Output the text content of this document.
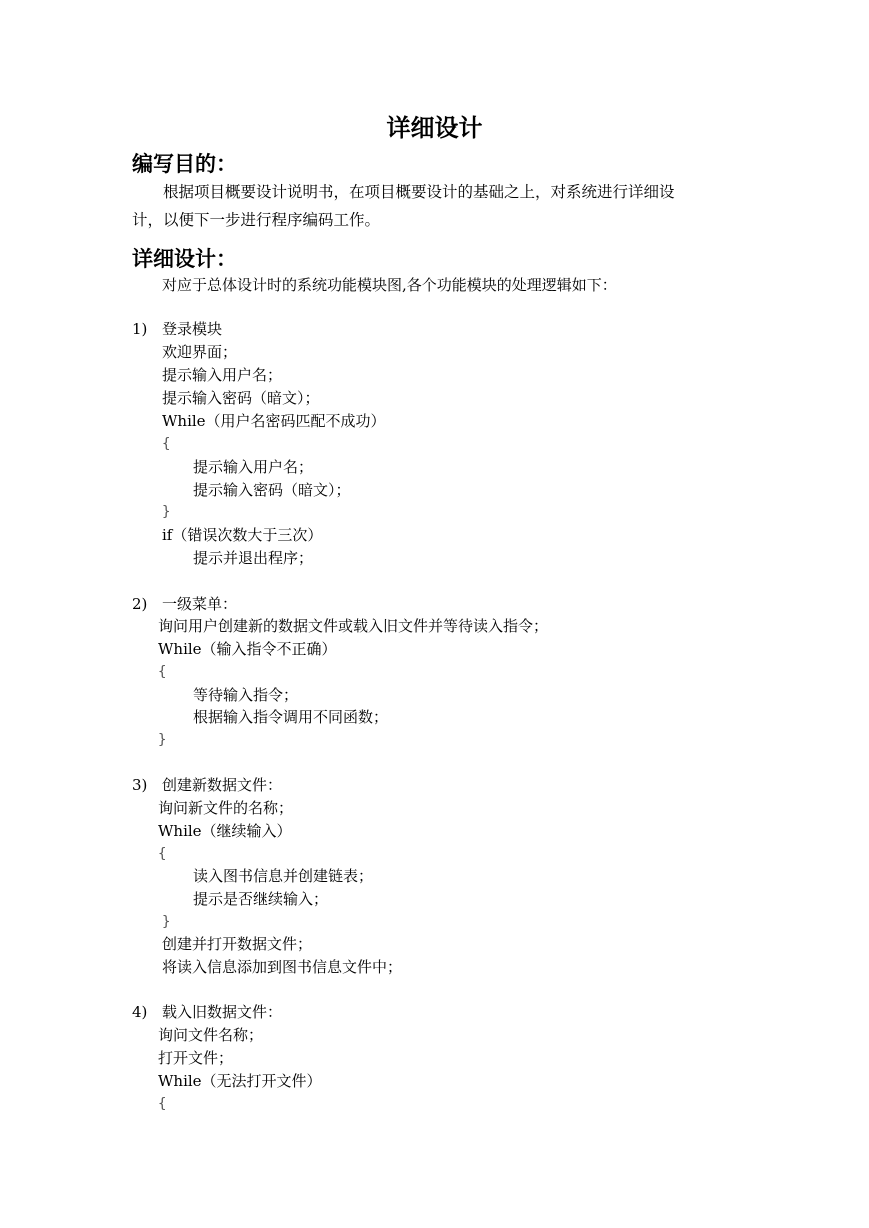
详细设计
编写目的：
根据项目概要设计说明书，在项目概要设计的基础之上，对系统进行详细设
计，以便下一步进行程序编码工作。
详细设计：
对应于总体设计时的系统功能模块图,各个功能模块的处理逻辑如下：
1) 登录模块
欢迎界面；
提示输入用户名；
提示输入密码（暗文）；
While（用户名密码匹配不成功）
{
提示输入用户名；
提示输入密码（暗文）；
}
if（错误次数大于三次）
提示并退出程序；
2) 一级菜单：
询问用户创建新的数据文件或载入旧文件并等待读入指令；
While（输入指令不正确）
{
等待输入指令；
根据输入指令调用不同函数；
}
3) 创建新数据文件：
询问新文件的名称；
While（继续输入）
{
读入图书信息并创建链表；
提示是否继续输入；
}
创建并打开数据文件；
将读入信息添加到图书信息文件中；
4) 载入旧数据文件：
询问文件名称；
打开文件；
While（无法打开文件）
{
